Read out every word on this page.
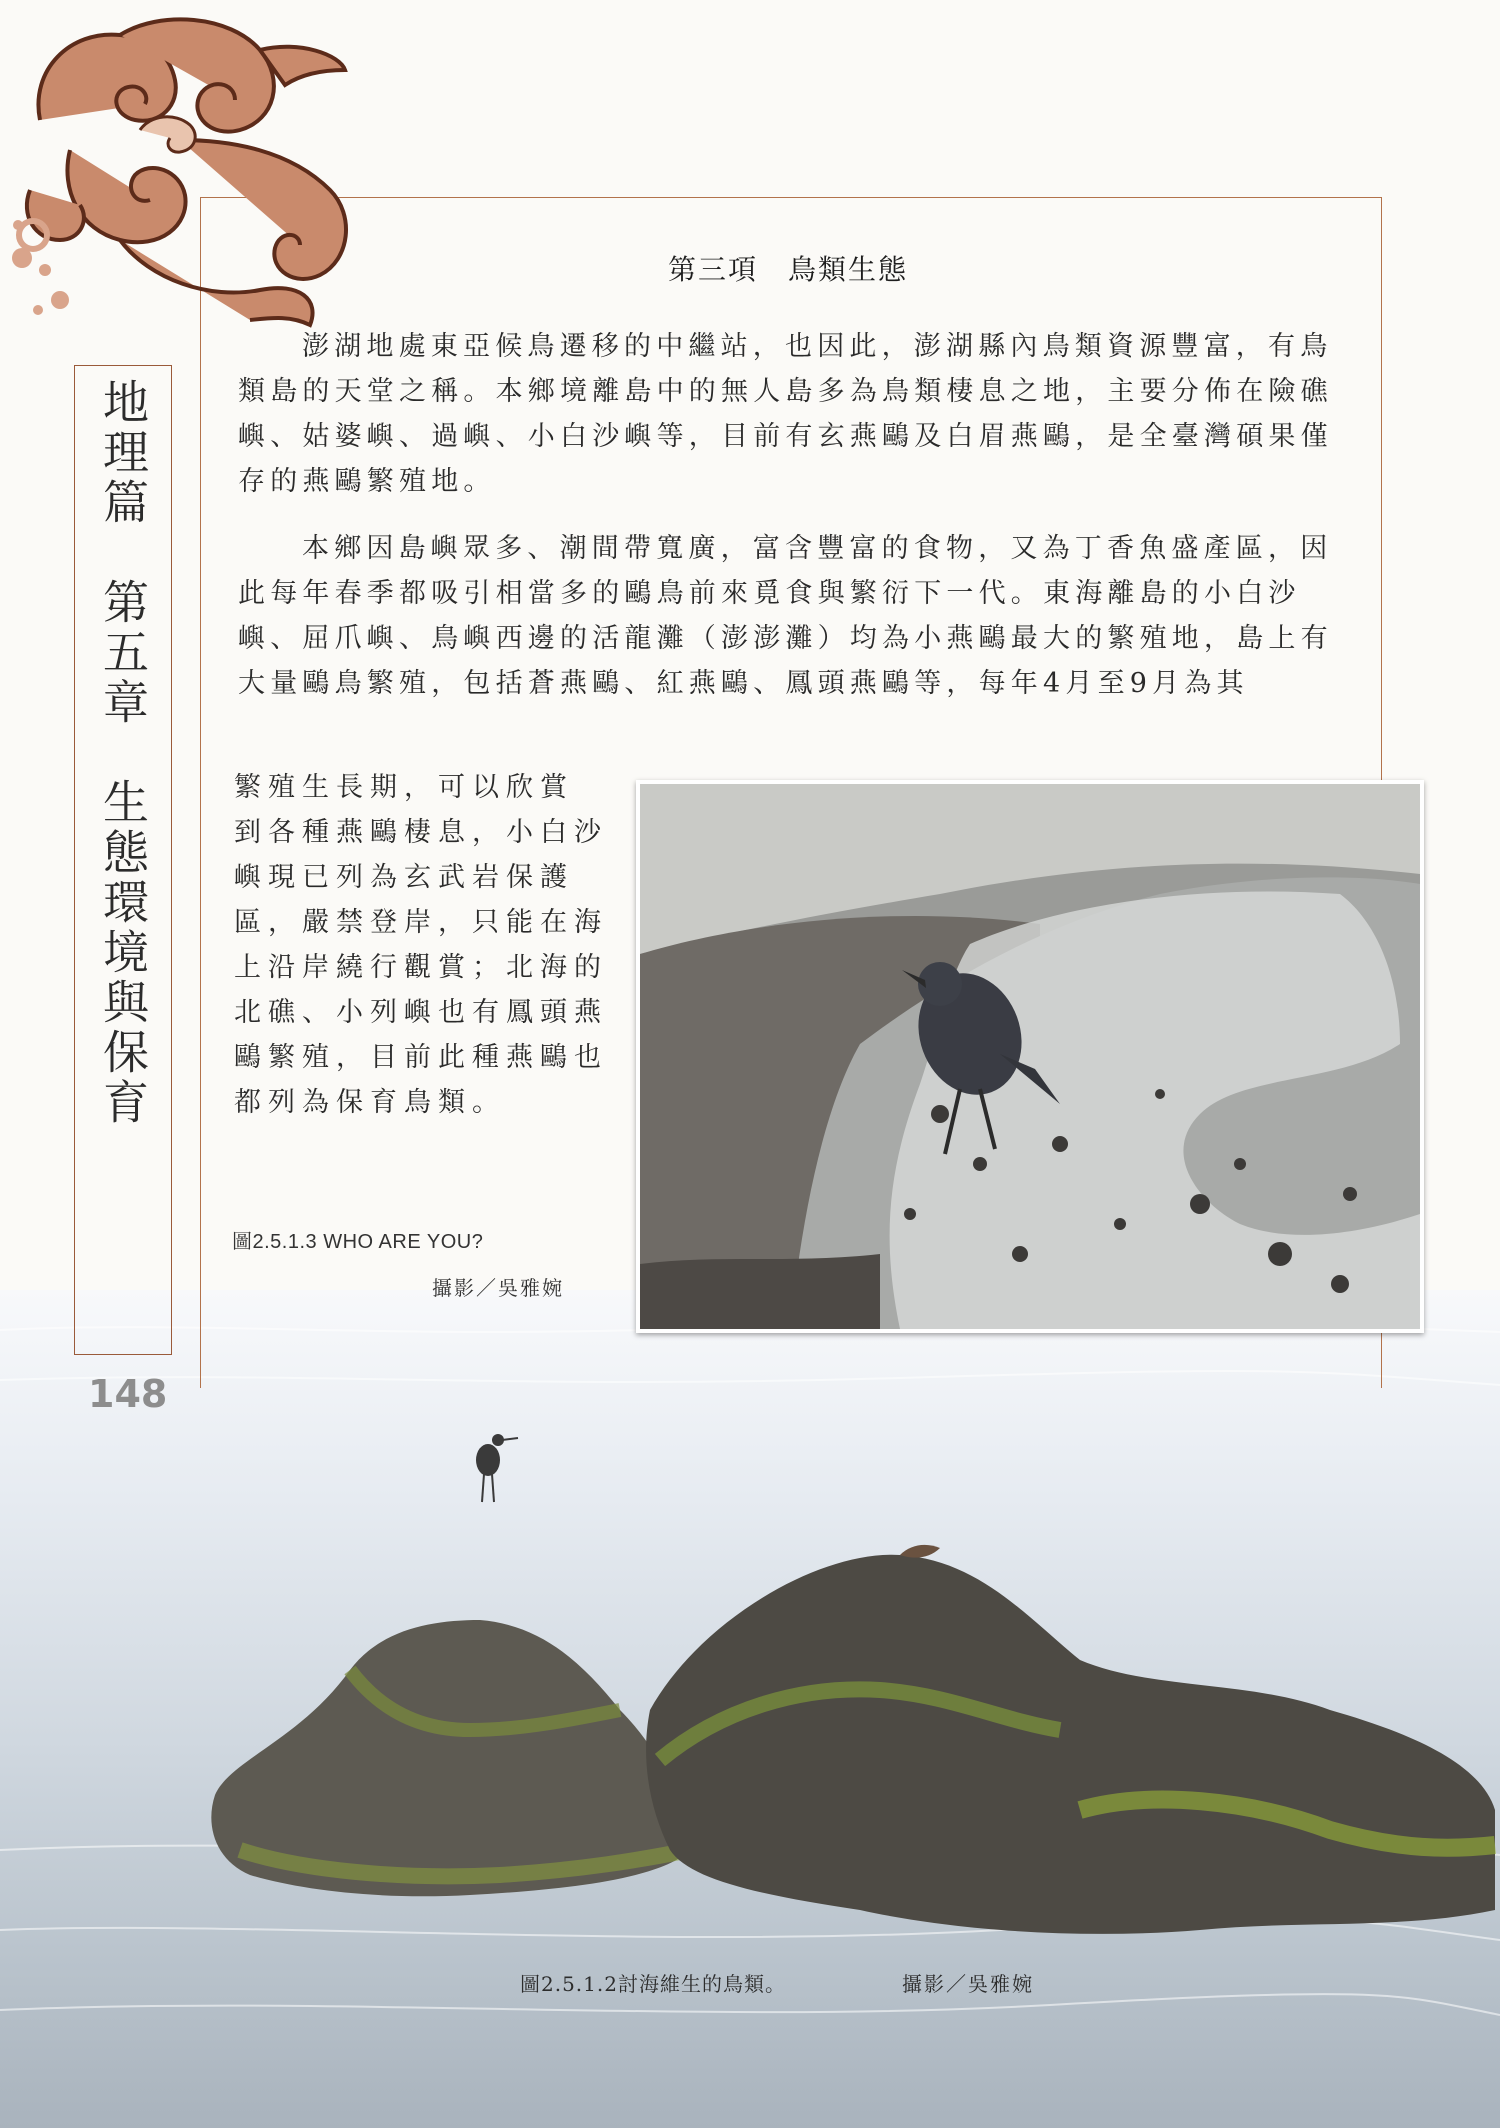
地理篇　第五章　生態環境與保育
148
第三項　鳥類生態

澎湖地處東亞候鳥遷移的中繼站，也因此，澎湖縣內鳥類資源豐富，有鳥類島的天堂之稱。本鄉境離島中的無人島多為鳥類棲息之地，主要分佈在險礁嶼、姑婆嶼、過嶼、小白沙嶼等，目前有玄燕鷗及白眉燕鷗，是全臺灣碩果僅存的燕鷗繁殖地。

本鄉因島嶼眾多、潮間帶寬廣，富含豐富的食物，又為丁香魚盛產區，因此每年春季都吸引相當多的鷗鳥前來覓食與繁衍下一代。東海離島的小白沙嶼、屈爪嶼、鳥嶼西邊的活龍灘（澎澎灘）均為小燕鷗最大的繁殖地，島上有大量鷗鳥繁殖，包括蒼燕鷗、紅燕鷗、鳳頭燕鷗等，每年4月至9月為其

繁殖生長期，可以欣賞

到各種燕鷗棲息，小白沙嶼現已列為玄武岩保護區，嚴禁登岸，只能在海上沿岸繞行觀賞；北海的北礁、小列嶼也有鳳頭燕鷗繁殖，目前此種燕鷗也都列為保育鳥類。

圖2.5.1.3 WHO ARE YOU?
攝影／吳雅婉
圖2.5.1.2討海維生的鳥類。	攝影／吳雅婉
